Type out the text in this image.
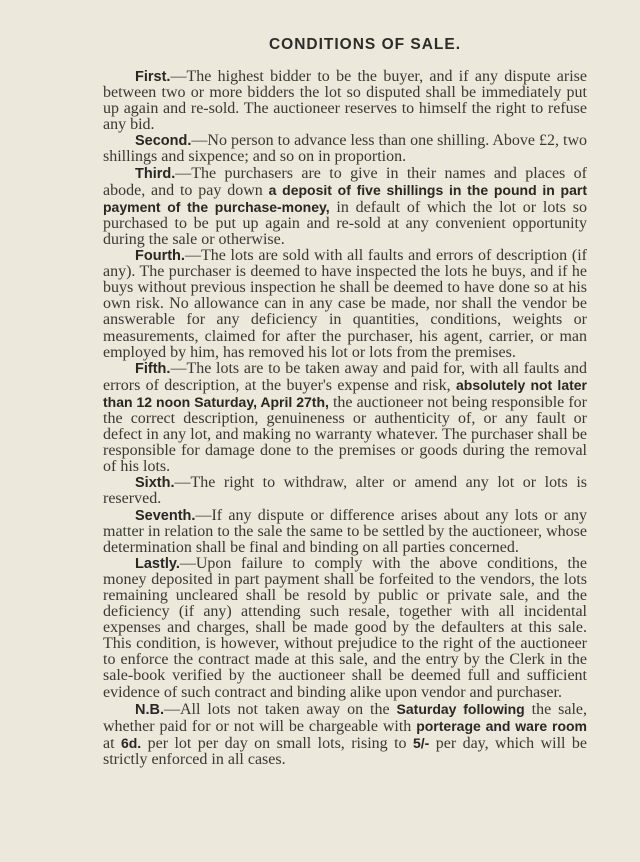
CONDITIONS OF SALE.

First.—The highest bidder to be the buyer, and if any dispute arise between two or more bidders the lot so disputed shall be immediately put up again and re-sold. The auctioneer reserves to himself the right to refuse any bid.

Second.—No person to advance less than one shilling. Above £2, two shillings and sixpence; and so on in proportion.

Third.—The purchasers are to give in their names and places of abode, and to pay down a deposit of five shillings in the pound in part payment of the purchase-money, in default of which the lot or lots so purchased to be put up again and re-sold at any convenient opportunity during the sale or otherwise.

Fourth.—The lots are sold with all faults and errors of description (if any). The purchaser is deemed to have inspected the lots he buys, and if he buys without previous inspection he shall be deemed to have done so at his own risk. No allowance can in any case be made, nor shall the vendor be answerable for any deficiency in quantities, conditions, weights or measurements, claimed for after the purchaser, his agent, carrier, or man employed by him, has removed his lot or lots from the premises.

Fifth.—The lots are to be taken away and paid for, with all faults and errors of description, at the buyer's expense and risk, absolutely not later than 12 noon Saturday, April 27th, the auctioneer not being responsible for the correct description, genuineness or authenticity of, or any fault or defect in any lot, and making no warranty whatever. The purchaser shall be responsible for damage done to the premises or goods during the removal of his lots.

Sixth.—The right to withdraw, alter or amend any lot or lots is reserved.

Seventh.—If any dispute or difference arises about any lots or any matter in relation to the sale the same to be settled by the auctioneer, whose determination shall be final and binding on all parties concerned.

Lastly.—Upon failure to comply with the above conditions, the money deposited in part payment shall be forfeited to the vendors, the lots remaining uncleared shall be resold by public or private sale, and the deficiency (if any) attending such resale, together with all incidental expenses and charges, shall be made good by the defaulters at this sale. This condition, is however, without prejudice to the right of the auctioneer to enforce the contract made at this sale, and the entry by the Clerk in the sale-book verified by the auctioneer shall be deemed full and sufficient evidence of such contract and binding alike upon vendor and purchaser.

N.B.—All lots not taken away on the Saturday following the sale, whether paid for or not will be chargeable with porterage and ware room at 6d. per lot per day on small lots, rising to 5/- per day, which will be strictly enforced in all cases.
